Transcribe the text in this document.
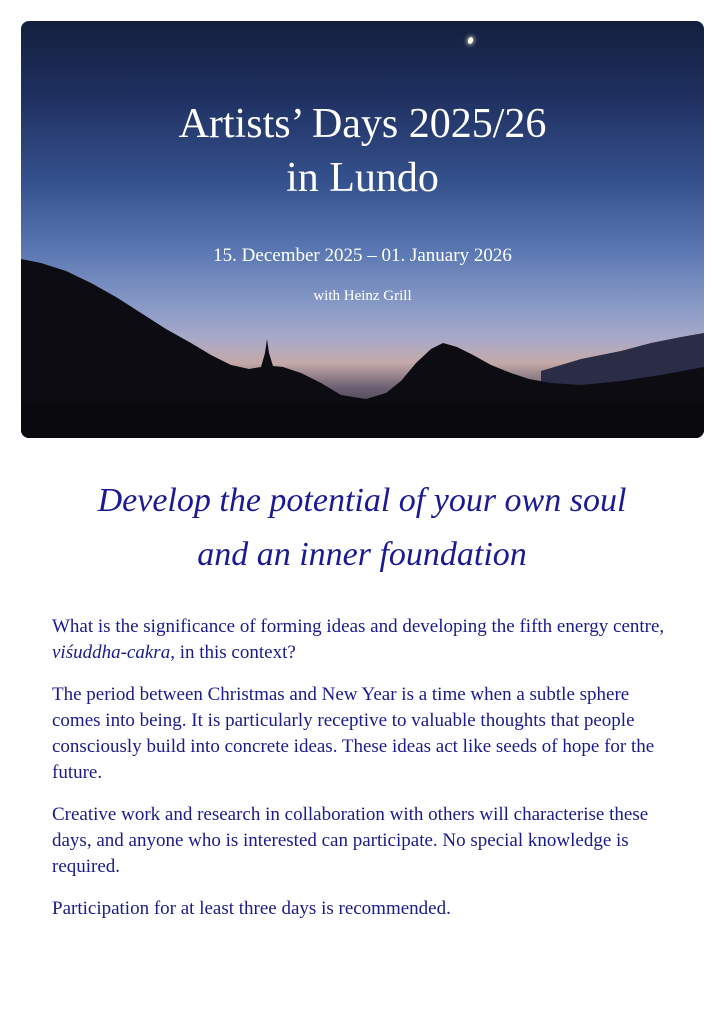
Artists’ Days 2025/26
in Lundo
15. December 2025 – 01. January 2026
with Heinz Grill
Develop the potential of your own soul
and an inner foundation

What is the significance of forming ideas and developing the fifth energy centre, viśuddha-cakra, in this context?

The period between Christmas and New Year is a time when a subtle sphere comes into being. It is particularly receptive to valuable thoughts that people consciously build into concrete ideas. These ideas act like seeds of hope for the future.

Creative work and research in collaboration with others will characterise these days, and anyone who is interested can participate. No special knowledge is required.

Participation for at least three days is recommended.
